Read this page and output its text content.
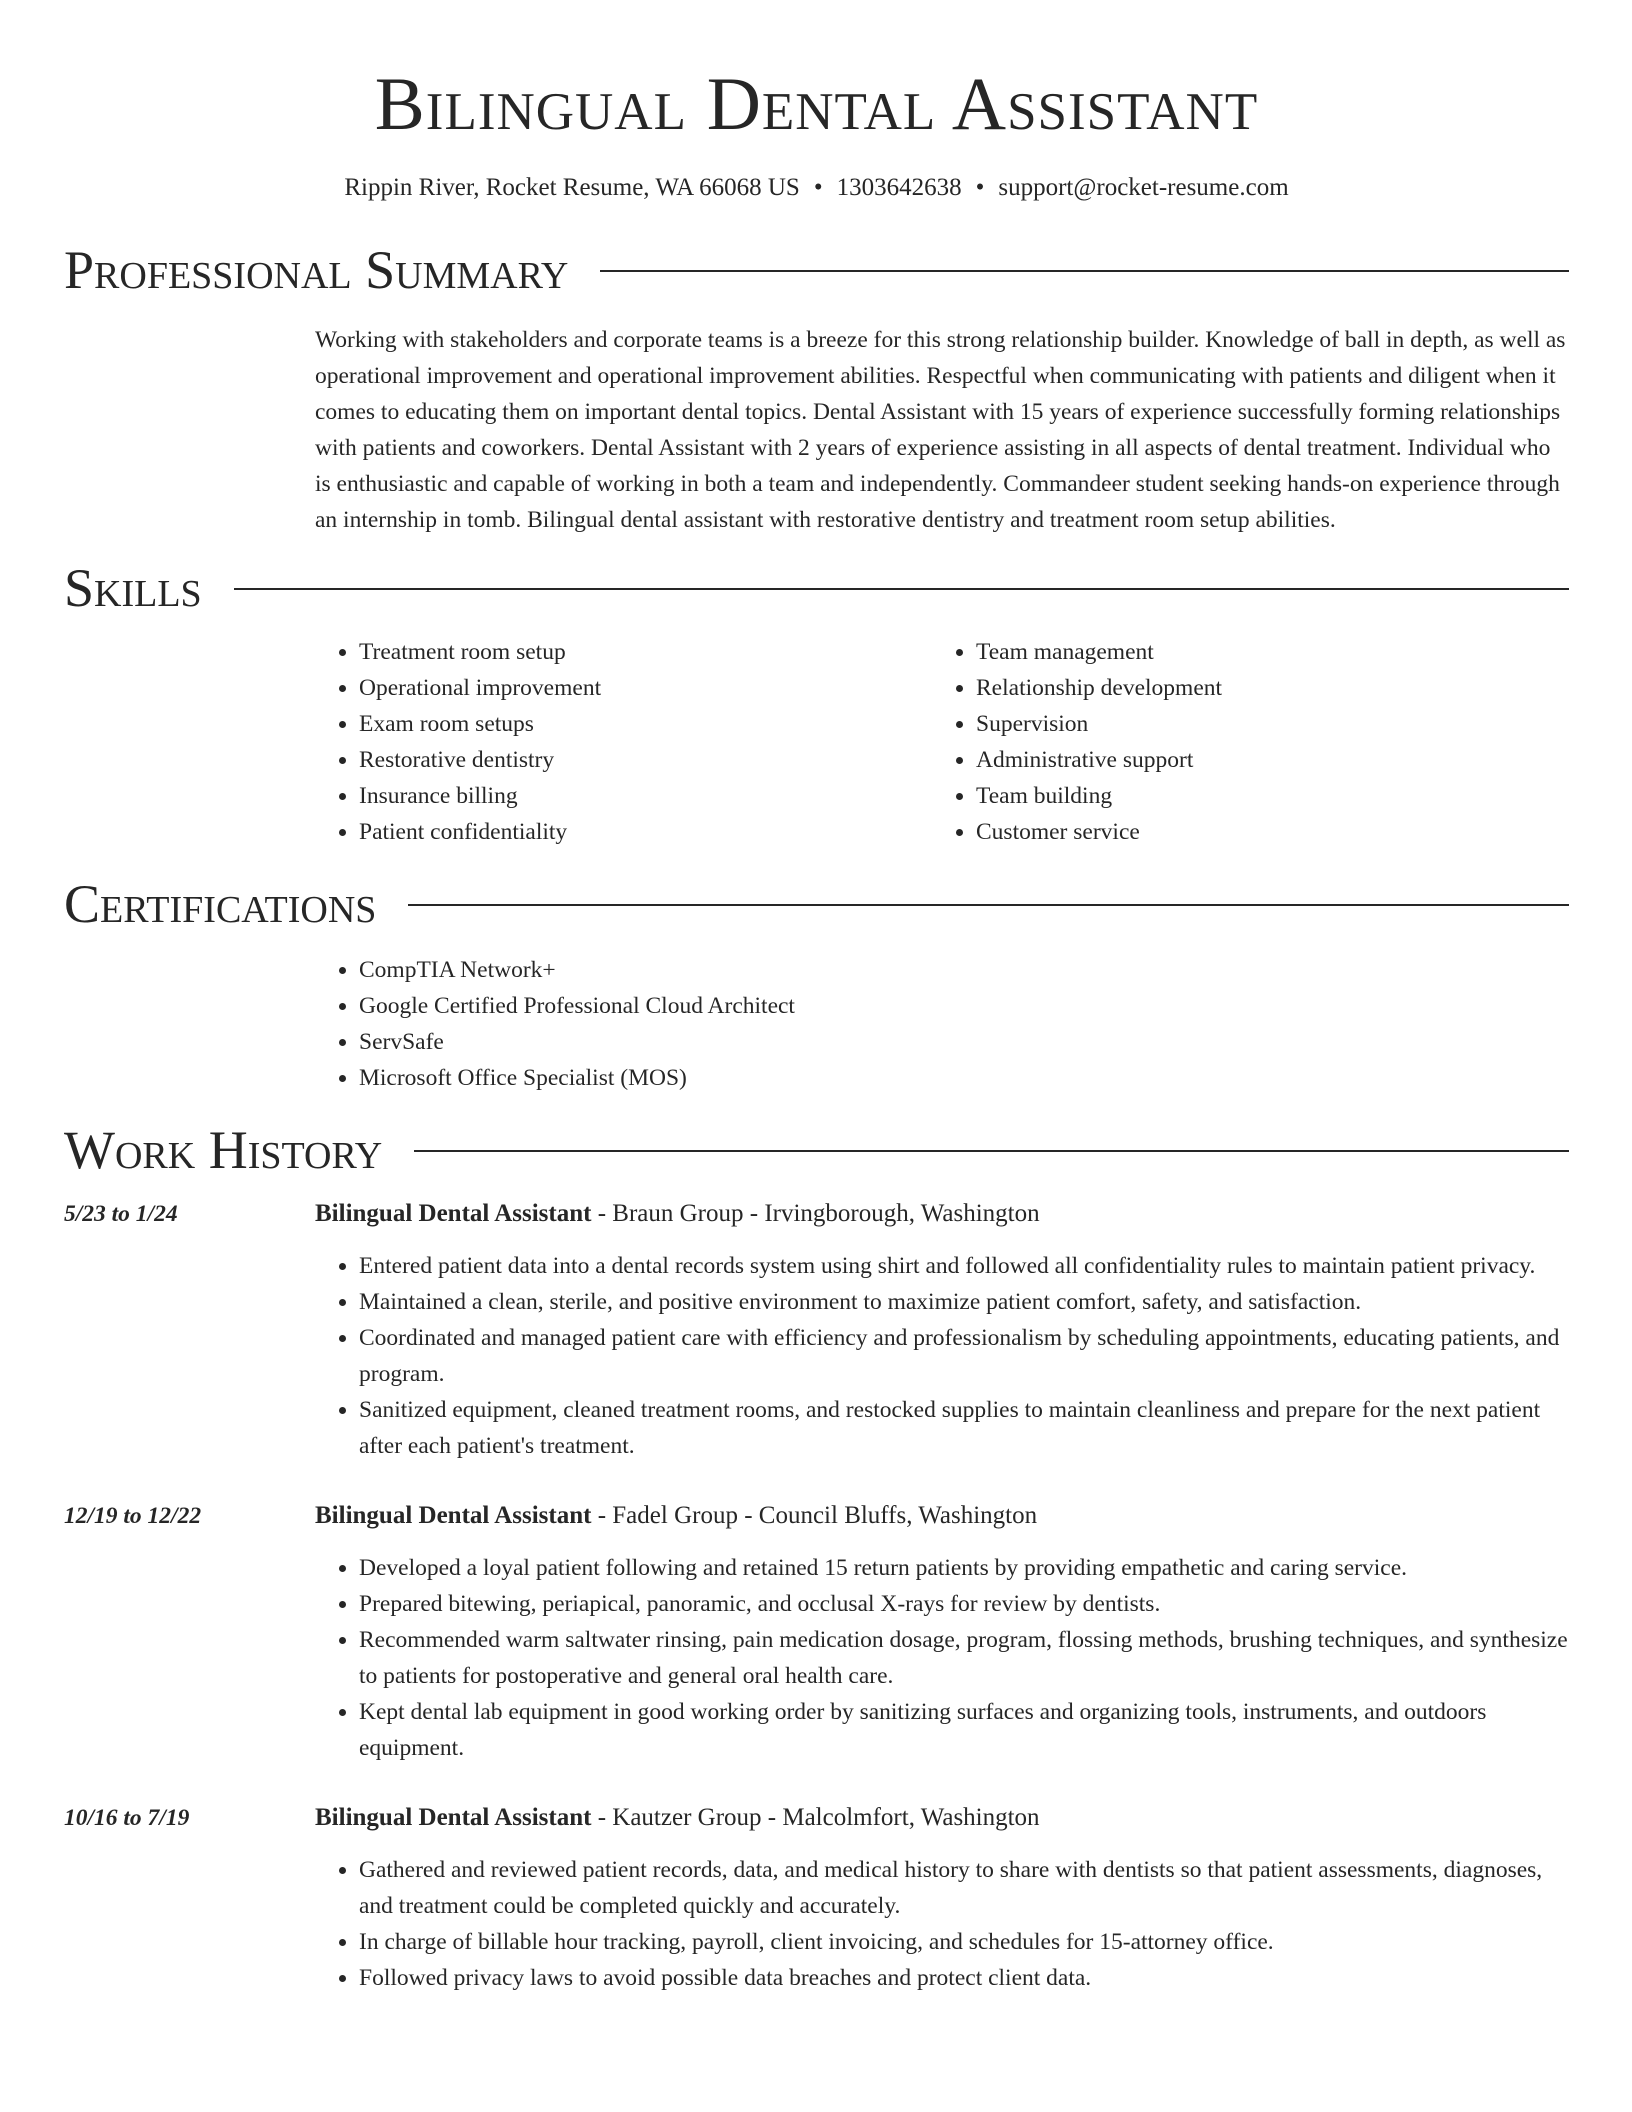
Bilingual Dental Assistant
Rippin River, Rocket Resume, WA 66068 US • 1303642638 • support@rocket-resume.com
Professional Summary

Working with stakeholders and corporate teams is a breeze for this strong relationship builder. Knowledge of ball in depth, as well as operational improvement and operational improvement abilities. Respectful when communicating with patients and diligent when it comes to educating them on important dental topics. Dental Assistant with 15 years of experience successfully forming relationships with patients and coworkers. Dental Assistant with 2 years of experience assisting in all aspects of dental treatment. Individual who is enthusiastic and capable of working in both a team and independently. Commandeer student seeking hands-on experience through an internship in tomb. Bilingual dental assistant with restorative dentistry and treatment room setup abilities.

Skills
• Treatment room setup
• Operational improvement
• Exam room setups
• Restorative dentistry
• Insurance billing
• Patient confidentiality
• Team management
• Relationship development
• Supervision
• Administrative support
• Team building
• Customer service
Certifications
• CompTIA Network+
• Google Certified Professional Cloud Architect
• ServSafe
• Microsoft Office Specialist (MOS)
Work History
5/23 to 1/24	Bilingual Dental Assistant - Braun Group - Irvingborough, Washington
• Entered patient data into a dental records system using shirt and followed all confidentiality rules to maintain patient privacy.
• Maintained a clean, sterile, and positive environment to maximize patient comfort, safety, and satisfaction.
• Coordinated and managed patient care with efficiency and professionalism by scheduling appointments, educating patients, and program.
• Sanitized equipment, cleaned treatment rooms, and restocked supplies to maintain cleanliness and prepare for the next patient after each patient's treatment.
12/19 to 12/22	Bilingual Dental Assistant - Fadel Group - Council Bluffs, Washington
• Developed a loyal patient following and retained 15 return patients by providing empathetic and caring service.
• Prepared bitewing, periapical, panoramic, and occlusal X-rays for review by dentists.
• Recommended warm saltwater rinsing, pain medication dosage, program, flossing methods, brushing techniques, and synthesize to patients for postoperative and general oral health care.
• Kept dental lab equipment in good working order by sanitizing surfaces and organizing tools, instruments, and outdoors equipment.
10/16 to 7/19	Bilingual Dental Assistant - Kautzer Group - Malcolmfort, Washington
• Gathered and reviewed patient records, data, and medical history to share with dentists so that patient assessments, diagnoses, and treatment could be completed quickly and accurately.
• In charge of billable hour tracking, payroll, client invoicing, and schedules for 15-attorney office.
• Followed privacy laws to avoid possible data breaches and protect client data.
